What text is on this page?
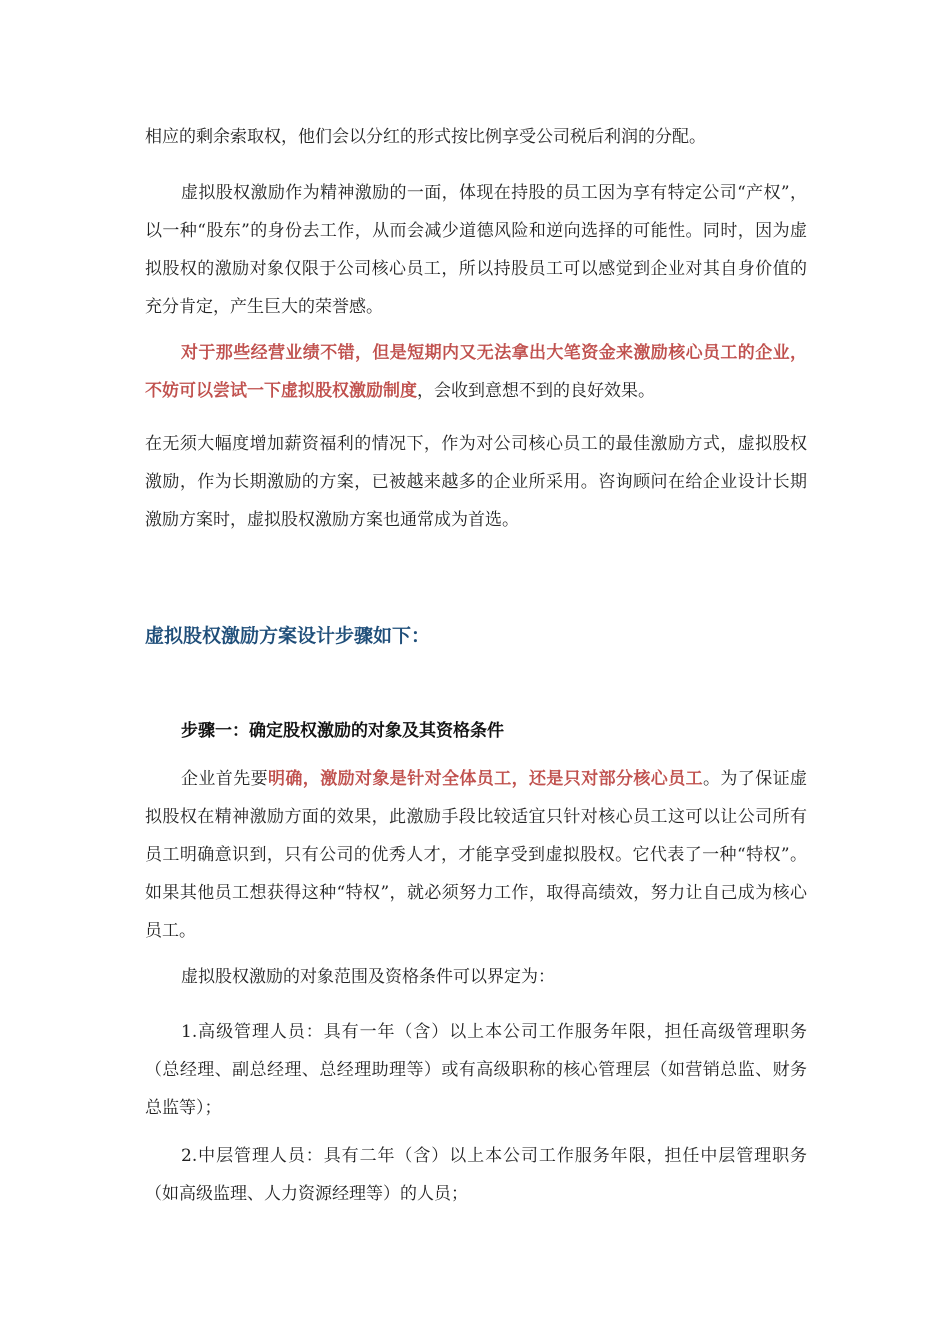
相应的剩余索取权，他们会以分红的形式按比例享受公司税后利润的分配。

虚拟股权激励作为精神激励的一面，体现在持股的员工因为享有特定公司“产权”，以一种“股东”的身份去工作，从而会减少道德风险和逆向选择的可能性。同时，因为虚拟股权的激励对象仅限于公司核心员工，所以持股员工可以感觉到企业对其自身价值的充分肯定，产生巨大的荣誉感。

对于那些经营业绩不错，但是短期内又无法拿出大笔资金来激励核心员工的企业，不妨可以尝试一下虚拟股权激励制度，会收到意想不到的良好效果。

在无须大幅度增加薪资福利的情况下，作为对公司核心员工的最佳激励方式，虚拟股权激励，作为长期激励的方案，已被越来越多的企业所采用。咨询顾问在给企业设计长期激励方案时，虚拟股权激励方案也通常成为首选。

虚拟股权激励方案设计步骤如下：
步骤一：确定股权激励的对象及其资格条件

企业首先要明确，激励对象是针对全体员工，还是只对部分核心员工。为了保证虚拟股权在精神激励方面的效果，此激励手段比较适宜只针对核心员工这可以让公司所有员工明确意识到，只有公司的优秀人才，才能享受到虚拟股权。它代表了一种“特权”。如果其他员工想获得这种“特权”，就必须努力工作，取得高绩效，努力让自己成为核心员工。

虚拟股权激励的对象范围及资格条件可以界定为：

1.高级管理人员：具有一年（含）以上本公司工作服务年限，担任高级管理职务（总经理、副总经理、总经理助理等）或有高级职称的核心管理层（如营销总监、财务总监等）；

2.中层管理人员：具有二年（含）以上本公司工作服务年限，担任中层管理职务（如高级监理、人力资源经理等）的人员；
